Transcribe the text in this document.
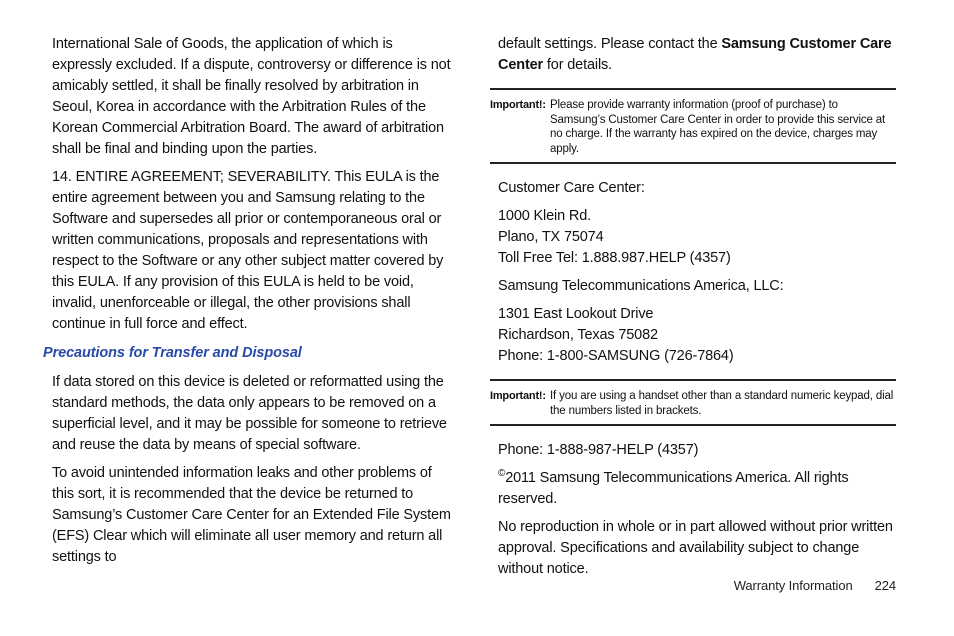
International Sale of Goods, the application of which is expressly excluded. If a dispute, controversy or difference is not amicably settled, it shall be finally resolved by arbitration in Seoul, Korea in accordance with the Arbitration Rules of the Korean Commercial Arbitration Board. The award of arbitration shall be final and binding upon the parties.

14. ENTIRE AGREEMENT; SEVERABILITY. This EULA is the entire agreement between you and Samsung relating to the Software and supersedes all prior or contemporaneous oral or written communications, proposals and representations with respect to the Software or any other subject matter covered by this EULA. If any provision of this EULA is held to be void, invalid, unenforceable or illegal, the other provisions shall continue in full force and effect.

Precautions for Transfer and Disposal

If data stored on this device is deleted or reformatted using the standard methods, the data only appears to be removed on a superficial level, and it may be possible for someone to retrieve and reuse the data by means of special software.

To avoid unintended information leaks and other problems of this sort, it is recommended that the device be returned to Samsung’s Customer Care Center for an Extended File System (EFS) Clear which will eliminate all user memory and return all settings to

default settings. Please contact the Samsung Customer Care Center for details.

Important!: Please provide warranty information (proof of purchase) to Samsung’s Customer Care Center in order to provide this service at no charge. If the warranty has expired on the device, charges may apply.

Customer Care Center:

1000 Klein Rd.

Plano, TX 75074

Toll Free Tel: 1.888.987.HELP (4357)

Samsung Telecommunications America, LLC:

1301 East Lookout Drive

Richardson, Texas 75082

Phone: 1-800-SAMSUNG (726-7864)

Important!: If you are using a handset other than a standard numeric keypad, dial the numbers listed in brackets.

Phone: 1-888-987-HELP (4357)

©2011 Samsung Telecommunications America. All rights reserved.

No reproduction in whole or in part allowed without prior written approval. Specifications and availability subject to change without notice.

Warranty Information 224
